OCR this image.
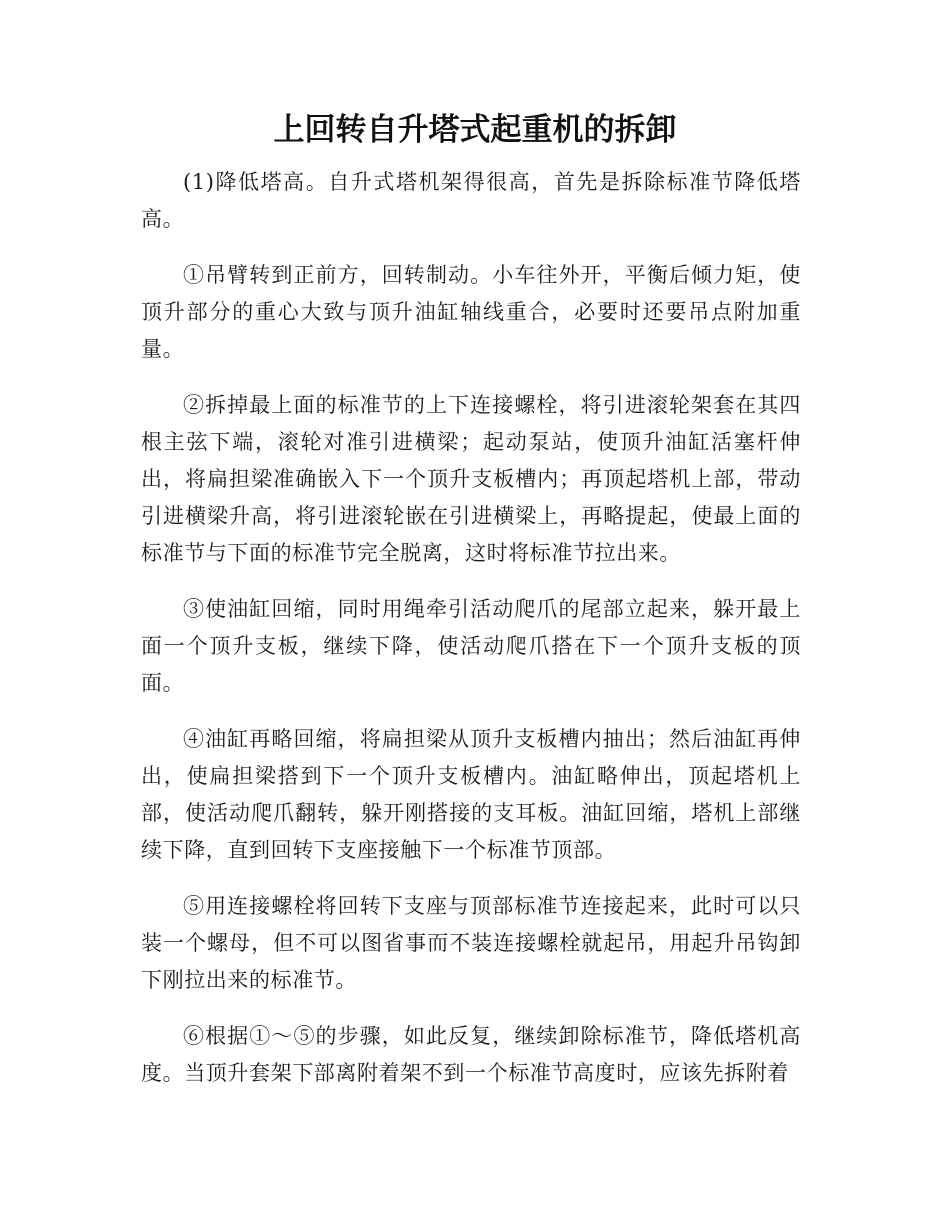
上回转自升塔式起重机的拆卸

(1)降低塔高。自升式塔机架得很高，首先是拆除标准节降低塔高。

①吊臂转到正前方，回转制动。小车往外开，平衡后倾力矩，使顶升部分的重心大致与顶升油缸轴线重合，必要时还要吊点附加重量。

②拆掉最上面的标准节的上下连接螺栓，将引进滚轮架套在其四根主弦下端，滚轮对准引进横梁；起动泵站，使顶升油缸活塞杆伸出，将扁担梁准确嵌入下一个顶升支板槽内；再顶起塔机上部，带动引进横梁升高，将引进滚轮嵌在引进横梁上，再略提起，使最上面的标准节与下面的标准节完全脱离，这时将标准节拉出来。

③使油缸回缩，同时用绳牵引活动爬爪的尾部立起来，躲开最上面一个顶升支板，继续下降，使活动爬爪搭在下一个顶升支板的顶面。

④油缸再略回缩，将扁担梁从顶升支板槽内抽出；然后油缸再伸出，使扁担梁搭到下一个顶升支板槽内。油缸略伸出，顶起塔机上部，使活动爬爪翻转，躲开刚搭接的支耳板。油缸回缩，塔机上部继续下降，直到回转下支座接触下一个标准节顶部。

⑤用连接螺栓将回转下支座与顶部标准节连接起来，此时可以只装一个螺母，但不可以图省事而不装连接螺栓就起吊，用起升吊钩卸下刚拉出来的标准节。

⑥根据①～⑤的步骤，如此反复，继续卸除标准节，降低塔机高度。当顶升套架下部离附着架不到一个标准节高度时，应该先拆附着
